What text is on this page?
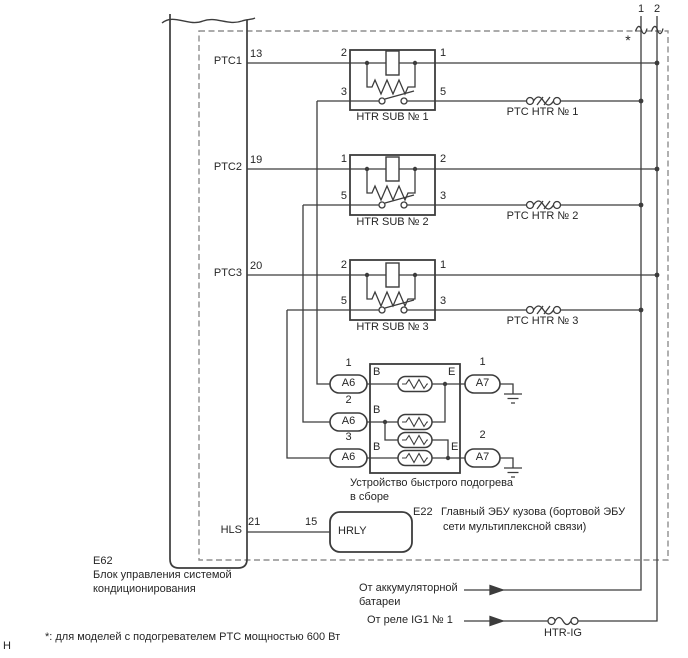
1 2
*
PTC1
13
PTC2
19
PTC3
20
HLS
21
2	1
3	5
HTR SUB № 1	PTC HTR № 1
1	2
5	3
HTR SUB № 2	PTC HTR № 2
2	1
5	3
HTR SUB № 3	PTC HTR № 3
1
A6
2
A6
3
A6
1
A7
2
A7
B
B
B
E
E
Устройство быстрого подогрева
в сборе
15
HRLY
E22 Главный ЭБУ кузова (бортовой ЭБУ
сети мультиплексной связи)
E62
Блок управления системой
кондиционирования	От аккумуляторной
батареи
От реле IG1 № 1
HTR-IG
*: для моделей с подогревателем PTC мощностью 600 Вт
Н
